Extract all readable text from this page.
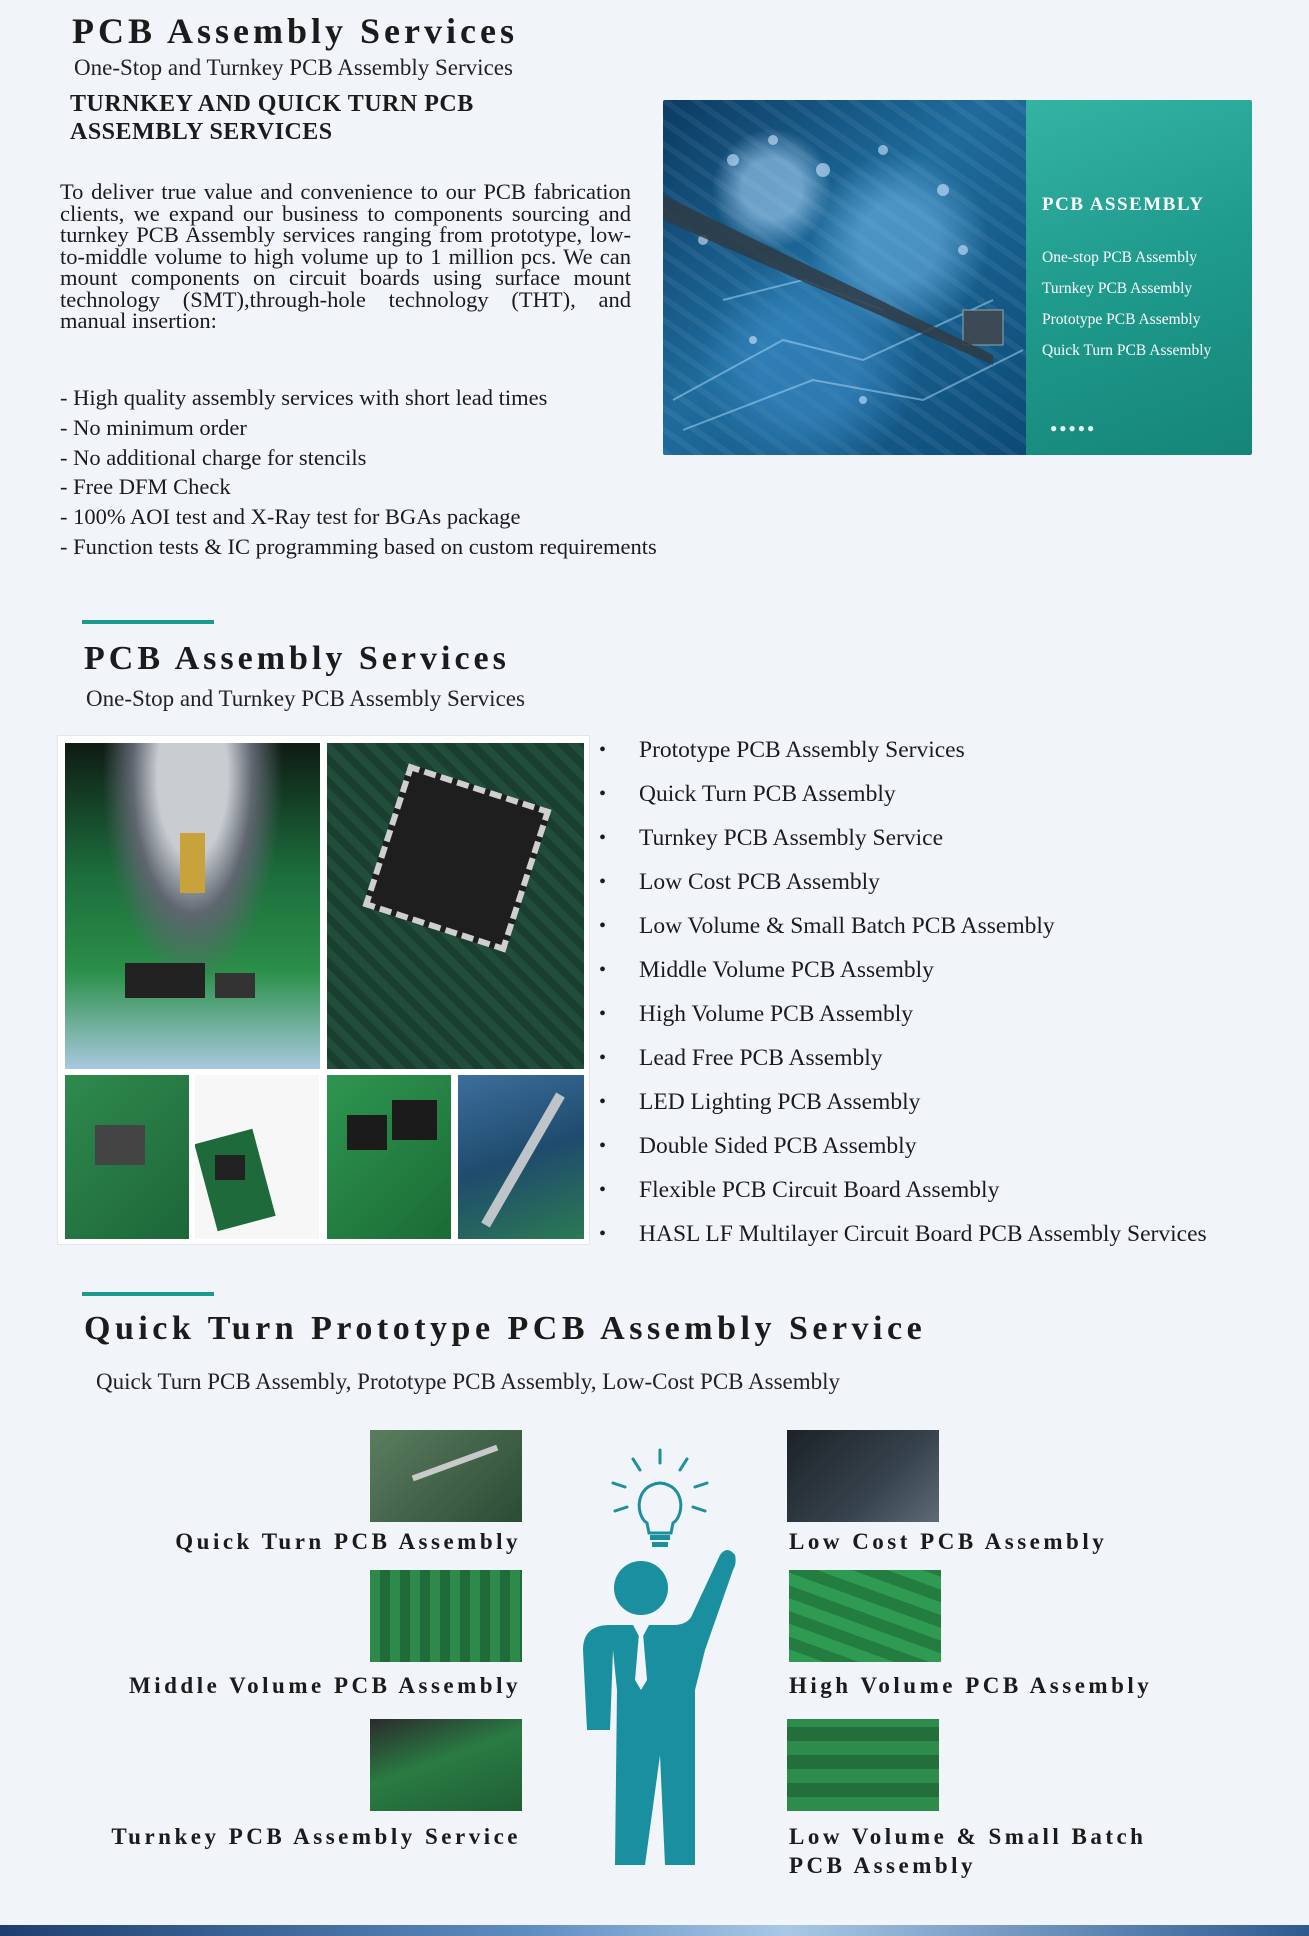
PCB Assembly Services
One-Stop and Turnkey PCB Assembly Services
TURNKEY AND QUICK TURN PCB ASSEMBLY SERVICES
To deliver true value and convenience to our PCB fabrication clients, we expand our business to components sourcing and turnkey PCB Assembly services ranging from prototype, low-to-middle volume to high volume up to 1 million pcs. We can mount components on circuit boards using surface mount technology (SMT),through-hole technology (THT), and manual insertion:
- High quality assembly services with short lead times
- No minimum order
- No additional charge for stencils
- Free DFM Check
- 100% AOI test and X-Ray test for BGAs package
- Function tests & IC programming based on custom requirements
PCB ASSEMBLY
One-stop PCB Assembly
Turnkey PCB Assembly
Prototype PCB Assembly
Quick Turn PCB Assembly
●●●●●
PCB Assembly Services
One-Stop and Turnkey PCB Assembly Services
• Prototype PCB Assembly Services
• Quick Turn PCB Assembly
• Turnkey PCB Assembly Service
• Low Cost PCB Assembly
• Low Volume & Small Batch PCB Assembly
• Middle Volume PCB Assembly
• High Volume PCB Assembly
• Lead Free PCB Assembly
• LED Lighting PCB Assembly
• Double Sided PCB Assembly
• Flexible PCB Circuit Board Assembly
• HASL LF Multilayer Circuit Board PCB Assembly Services
Quick Turn Prototype PCB Assembly Service
Quick Turn PCB Assembly, Prototype PCB Assembly, Low-Cost PCB Assembly
Quick Turn PCB Assembly
Middle Volume PCB Assembly
Turnkey PCB Assembly Service
Low Cost PCB Assembly
High Volume PCB Assembly
Low Volume & Small Batch
PCB Assembly
